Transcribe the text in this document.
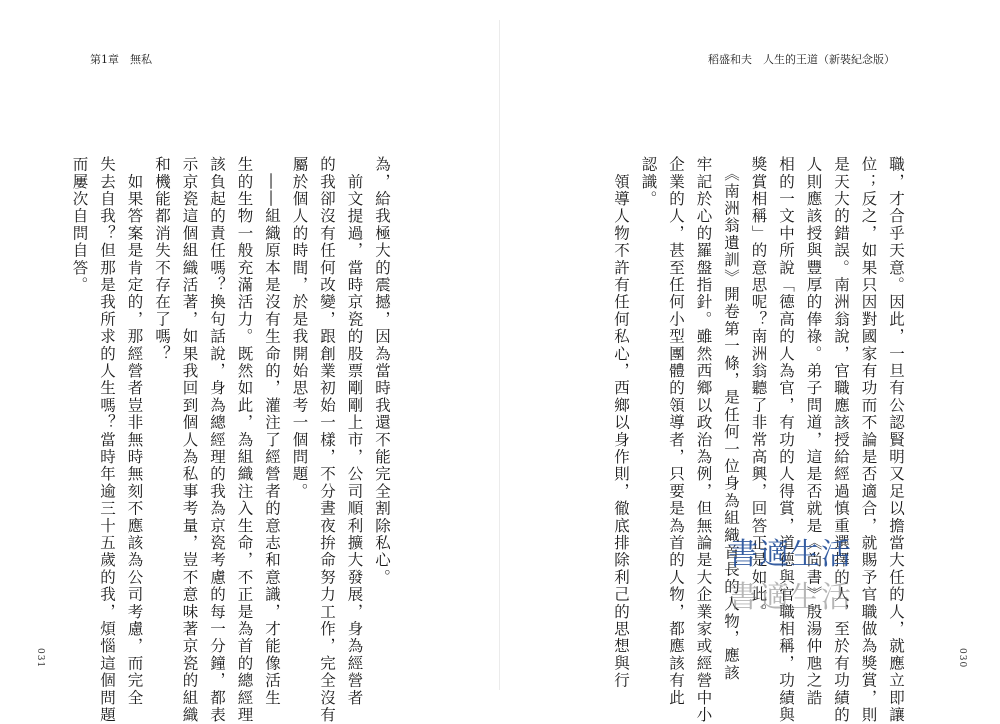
第1章　無私

為，給我極大的震撼，因為當時我還不能完全割除私心。

　前文提過，當時京瓷的股票剛剛上市，公司順利擴大發展，身為經營者

的我卻沒有任何改變，跟創業初始一樣，不分晝夜拚命努力工作，完全沒有

屬於個人的時間，於是我開始思考一個問題。

　――組織原本是沒有生命的，灌注了經營者的意志和意識，才能像活生

生的生物一般充滿活力。既然如此，為組織注入生命，不正是為首的總經理

該負起的責任嗎？換句話說，身為總經理的我為京瓷考慮的每一分鐘，都表

示京瓷這個組織活著，如果我回到個人為私事考量，豈不意味著京瓷的組織

和機能都消失不存在了嗎？

　如果答案是肯定的，那經營者豈非無時無刻不應該為公司考慮，而完全

失去自我？但那是我所求的人生嗎？當時年逾三十五歲的我，煩惱這個問題

而屢次自問自答。

031
稻盛和夫　人生的王道（新裝紀念版）

職，才合乎天意。因此，一旦有公認賢明又足以擔當大任的人，就應立即讓

位；反之，如果只因對國家有功而不論是否適合，就賜予官職做為獎賞，則

是天大的錯誤。南洲翁說，官職應該授給經過慎重選擇的人，至於有功績的

人則應該授與豐厚的俸祿。弟子問道，這是否就是《尚書》殷湯仲虺之誥

相的一文中所說「德高的人為官，有功的人得賞，道德與官職相稱，功績與

獎賞相稱」的意思呢？南洲翁聽了非常高興，回答正是如此。

　《南洲翁遺訓》開卷第一條，是任何一位身為組織首長的人物，應該

牢記於心的羅盤指針。雖然西鄉以政治為例，但無論是大企業家或經營中小

企業的人，甚至任何小型團體的領導者，只要是為首的人物，都應該有此

認識。

　領導人物不許有任何私心，西鄉以身作則，徹底排除利己的思想與行	030
書適生活
書適生活
